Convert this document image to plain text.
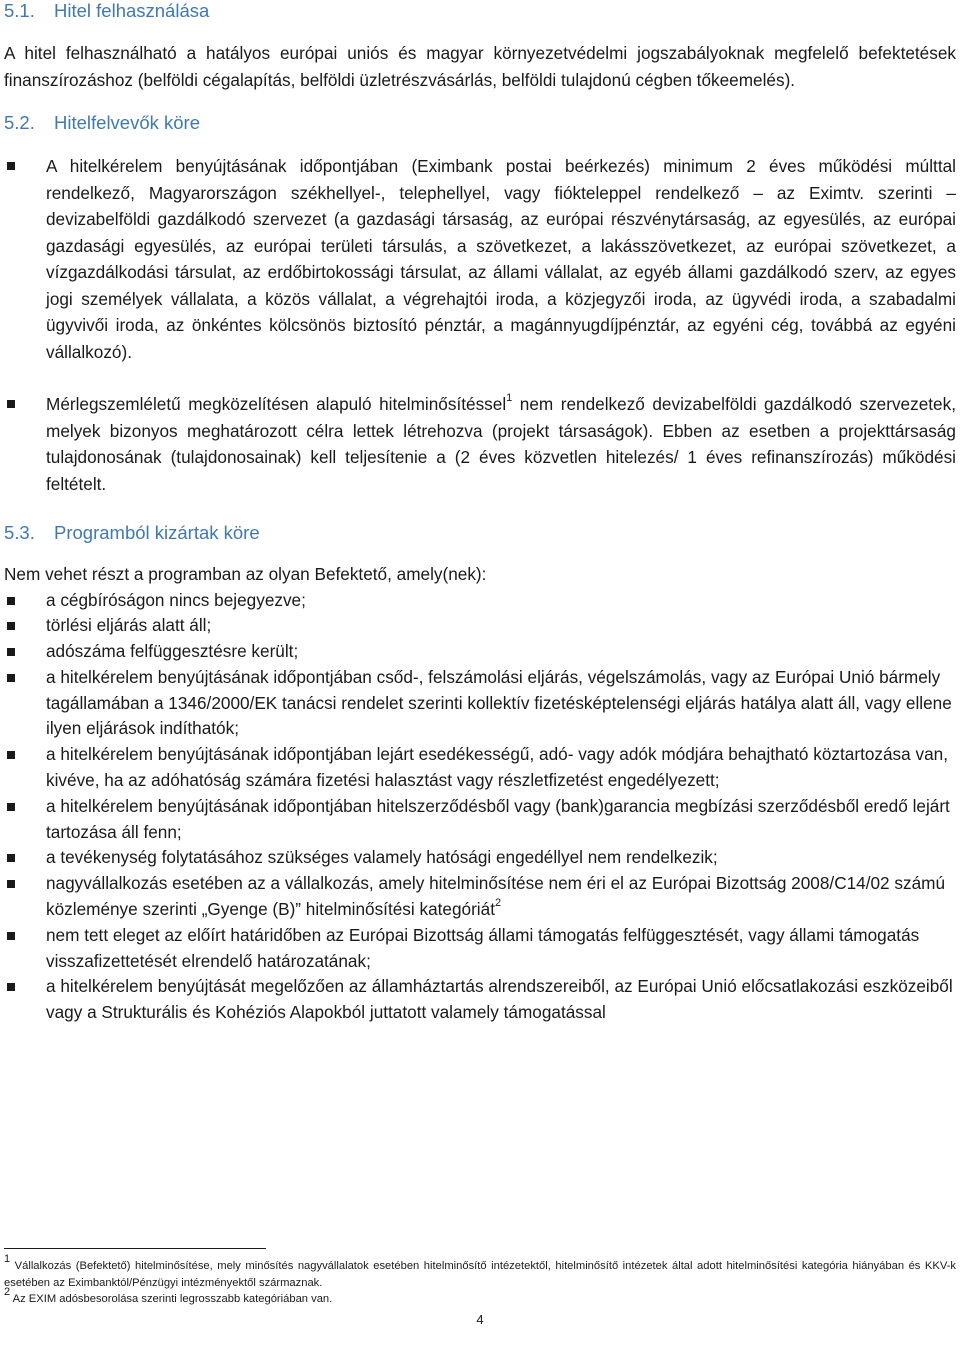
5.1. Hitel felhasználása

A hitel felhasználható a hatályos európai uniós és magyar környezetvédelmi jogszabályoknak megfelelő befektetések finanszírozáshoz (belföldi cégalapítás, belföldi üzletrészvásárlás, belföldi tulajdonú cégben tőkeemelés).

5.2. Hitelfelvevők köre
A hitelkérelem benyújtásának időpontjában (Eximbank postai beérkezés) minimum 2 éves működési múlttal rendelkező, Magyarországon székhellyel-, telephellyel, vagy fiókteleppel rendelkező – az Eximtv. szerinti – devizabelföldi gazdálkodó szervezet (a gazdasági társaság, az európai részvénytársaság, az egyesülés, az európai gazdasági egyesülés, az európai területi társulás, a szövetkezet, a lakásszövetkezet, az európai szövetkezet, a vízgazdálkodási társulat, az erdőbirtokossági társulat, az állami vállalat, az egyéb állami gazdálkodó szerv, az egyes jogi személyek vállalata, a közös vállalat, a végrehajtói iroda, a közjegyzői iroda, az ügyvédi iroda, a szabadalmi ügyvivői iroda, az önkéntes kölcsönös biztosító pénztár, a magánnyugdíjpénztár, az egyéni cég, továbbá az egyéni vállalkozó).
Mérlegszemléletű megközelítésen alapuló hitelminősítéssel$^1$ nem rendelkező devizabelföldi gazdálkodó szervezetek, melyek bizonyos meghatározott célra lettek létrehozva (projekt társaságok). Ebben az esetben a projekttársaság tulajdonosának (tulajdonosainak) kell teljesítenie a (2 éves közvetlen hitelezés/ 1 éves refinanszírozás) működési feltételt.
5.3. Programból kizártak köre

Nem vehet részt a programban az olyan Befektető, amely(nek):

a cégbíróságon nincs bejegyezve;
törlési eljárás alatt áll;
adószáma felfüggesztésre került;
a hitelkérelem benyújtásának időpontjában csőd-, felszámolási eljárás, végelszámolás, vagy az Európai Unió bármely tagállamában a 1346/2000/EK tanácsi rendelet szerinti kollektív fizetésképtelenségi eljárás hatálya alatt áll, vagy ellene ilyen eljárások indíthatók;
a hitelkérelem benyújtásának időpontjában lejárt esedékességű, adó- vagy adók módjára behajtható köztartozása van, kivéve, ha az adóhatóság számára fizetési halasztást vagy részletfizetést engedélyezett;
a hitelkérelem benyújtásának időpontjában hitelszerződésből vagy (bank)garancia megbízási szerződésből eredő lejárt tartozása áll fenn;
a tevékenység folytatásához szükséges valamely hatósági engedéllyel nem rendelkezik;
nagyvállalkozás esetében az a vállalkozás, amely hitelminősítése nem éri el az Európai Bizottság 2008/C14/02 számú közleménye szerinti „Gyenge (B)” hitelminősítési kategóriát$^2$
nem tett eleget az előírt határidőben az Európai Bizottság állami támogatás felfüggesztését, vagy állami támogatás visszafizettetését elrendelő határozatának;
a hitelkérelem benyújtását megelőzően az államháztartás alrendszereiből, az Európai Unió előcsatlakozási eszközeiből vagy a Strukturális és Kohéziós Alapokból juttatott valamely támogatással

$^1$ Vállalkozás (Befektető) hitelminősítése, mely minősítés nagyvállalatok esetében hitelminősítő intézetektől, hitelminősítő intézetek által adott hitelminősítési kategória hiányában és KKV-k esetében az Eximbanktól/Pénzügyi intézményektől származnak.

$^2$ Az EXIM adósbesorolása szerinti legrosszabb kategóriában van.

4
